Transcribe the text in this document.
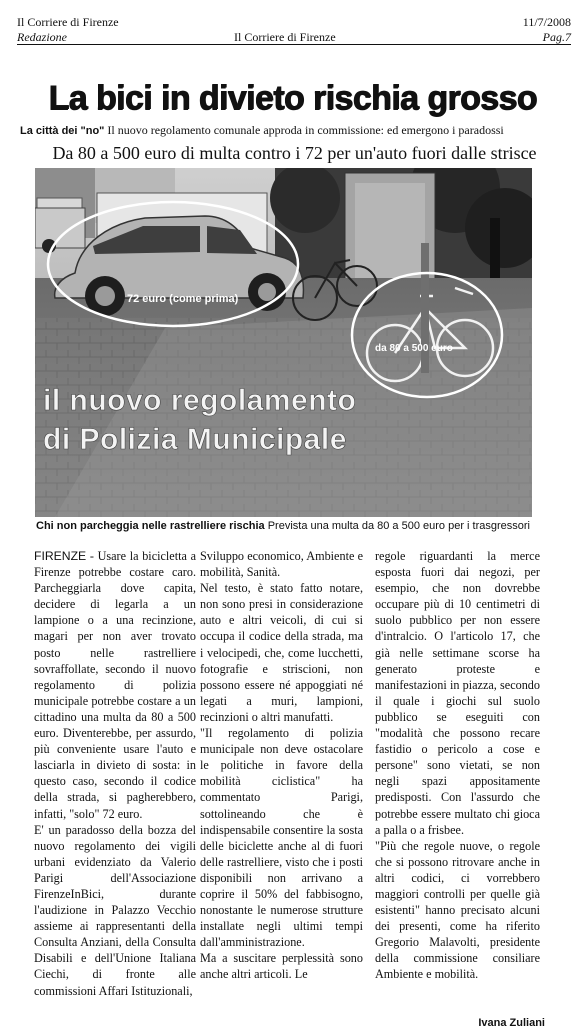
Il Corriere di Firenze	11/7/2008
Redazione	Il Corriere di Firenze	Pag.7
La bici in divieto rischia grosso
La città dei "no" Il nuovo regolamento comunale approda in commissione: ed emergono i paradossi
Da 80 a 500 euro di multa contro i 72 per un'auto fuori dalle strisce
72 euro (come prima)
da 80 a 500 euro
il nuovo regolamento
di Polizia Municipale
Chi non parcheggia nelle rastrelliere rischia Prevista una multa da 80 a 500 euro per i trasgressori

FIRENZE - Usare la bicicletta a Firenze potrebbe costare caro. Parcheggiarla dove capita, decidere di legarla a un lampione o a una recinzione, magari per non aver trovato posto nelle rastrelliere sovraffollate, secondo il nuovo regolamento di polizia municipale potrebbe costare a un cittadino una multa da 80 a 500 euro. Diventerebbe, per assurdo, più conveniente usare l'auto e lasciarla in divieto di sosta: in questo caso, secondo il codice della strada, si pagherebbero, infatti, "solo" 72 euro.

E' un paradosso della bozza del nuovo regolamento dei vigili urbani evidenziato da Valerio Parigi dell'Associazione FirenzeInBici, durante l'audizione in Palazzo Vecchio assieme ai rappresentanti della Consulta Anziani, della Consulta Disabili e dell'Unione Italiana Ciechi, di fronte alle commissioni Affari Istituzionali,

Sviluppo economico, Ambiente e mobilità, Sanità.

Nel testo, è stato fatto notare, non sono presi in considerazione auto e altri veicoli, di cui si occupa il codice della strada, ma i velocipedi, che, come lucchetti, fotografie e striscioni, non possono essere né appoggiati né legati a muri, lampioni, recinzioni o altri manufatti.

"Il regolamento di polizia municipale non deve ostacolare le politiche in favore della mobilità ciclistica" ha commentato Parigi, sottolineando che è indispensabile consentire la sosta delle biciclette anche al di fuori delle rastrelliere, visto che i posti disponibili non arrivano a coprire il 50% del fabbisogno, nonostante le numerose strutture installate negli ultimi tempi dall'amministrazione.

Ma a suscitare perplessità sono anche altri articoli. Le

regole riguardanti la merce esposta fuori dai negozi, per esempio, che non dovrebbe occupare più di 10 centimetri di suolo pubblico per non essere d'intralcio. O l'articolo 17, che già nelle settimane scorse ha generato proteste e manifestazioni in piazza, secondo il quale i giochi sul suolo pubblico se eseguiti con "modalità che possono recare fastidio o pericolo a cose e persone" sono vietati, se non negli spazi appositamente predisposti. Con l'assurdo che potrebbe essere multato chi gioca a palla o a frisbee.

"Più che regole nuove, o regole che si possono ritrovare anche in altri codici, ci vorrebbero maggiori controlli per quelle già esistenti" hanno precisato alcuni dei presenti, come ha riferito Gregorio Malavolti, presidente della commissione consiliare Ambiente e mobilità.

Ivana Zuliani
